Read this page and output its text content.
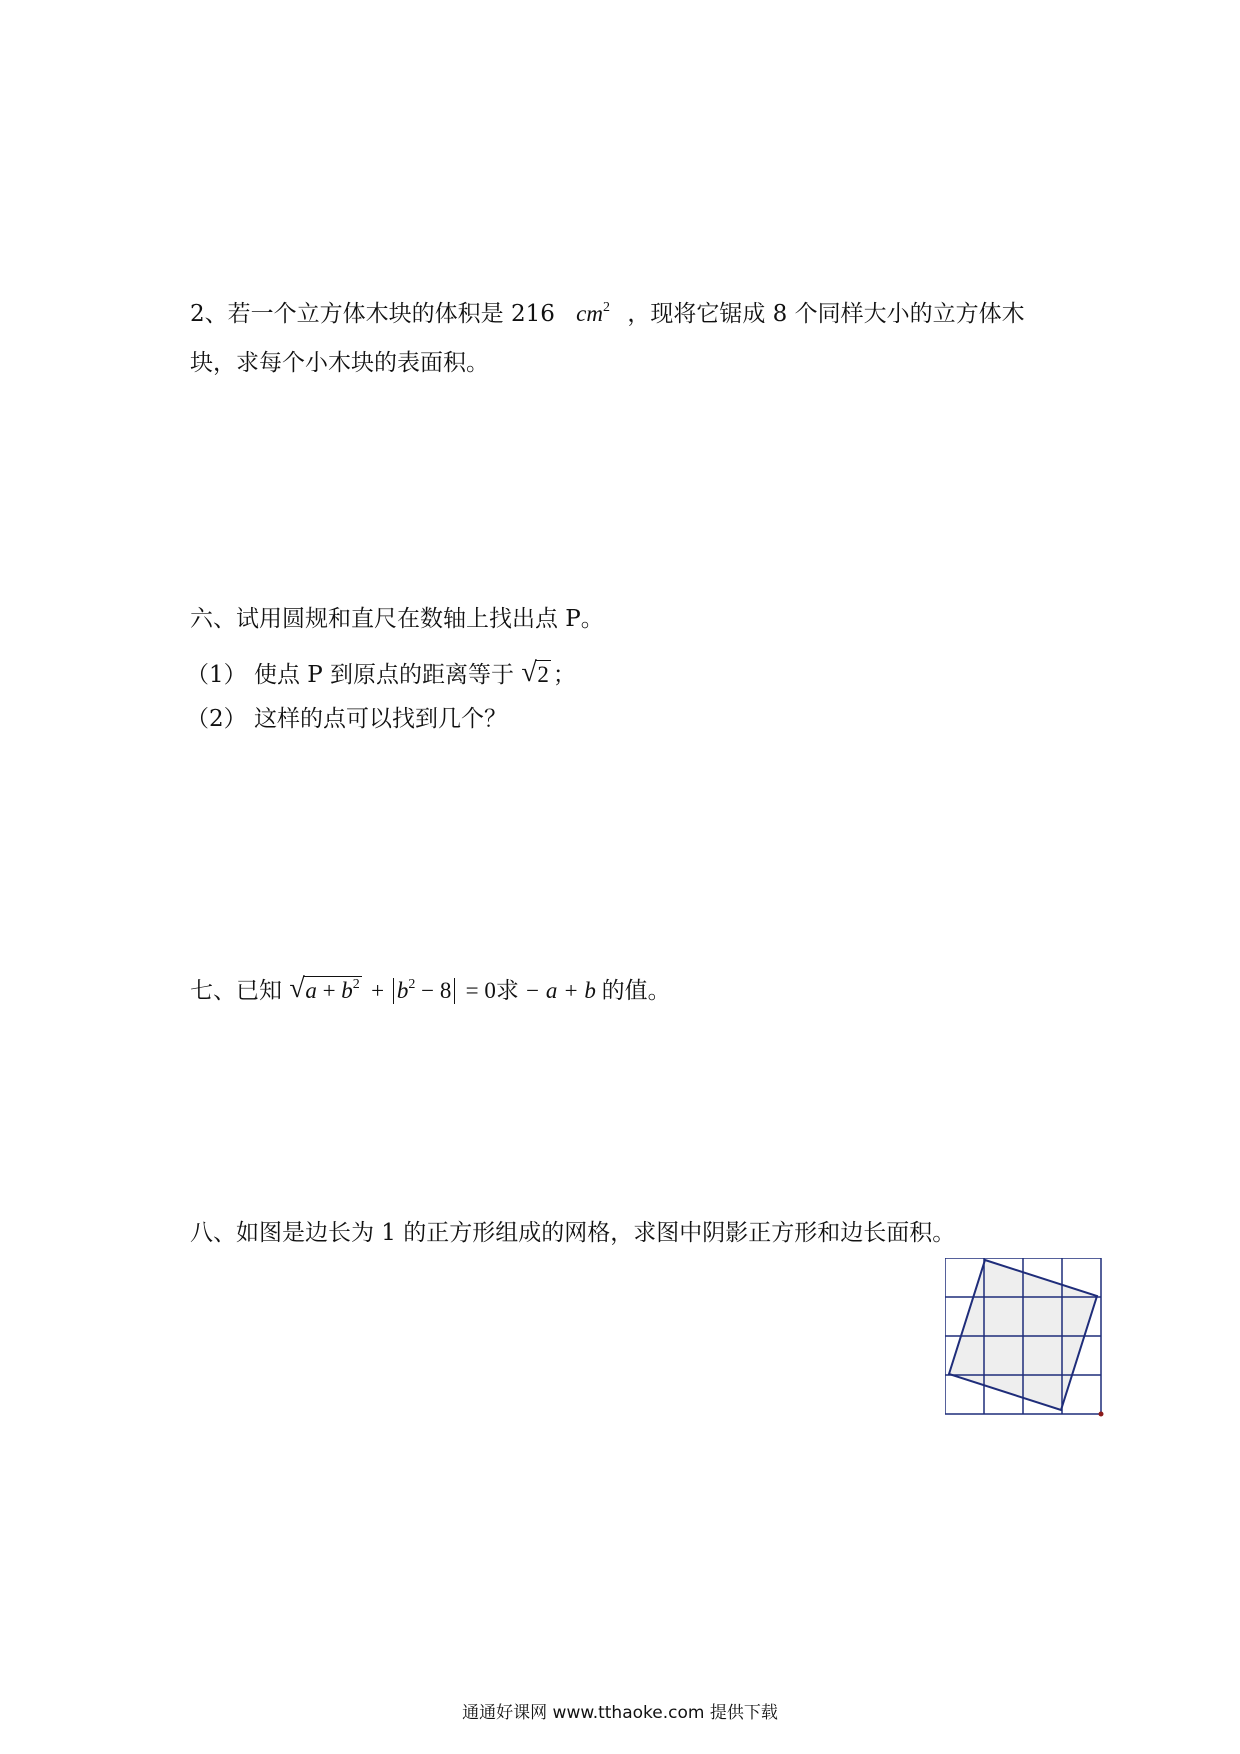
2、若一个立方体木块的体积是 216 $cm^2$ ，现将它锯成 8 个同样大小的立方体木
块，求每个小木块的表面积。
六、试用圆规和直尺在数轴上找出点 P。
（1） 使点 P 到原点的距离等于 √ 2 ；
（2） 这样的点可以找到几个？
七、已知 √ $a + b^2 + b^2 - 8 = 0$求 − a + b 的值。
八、如图是边长为 1 的正方形组成的网格，求图中阴影正方形和边长面积。
通通好课网 www.tthaoke.com 提供下载
